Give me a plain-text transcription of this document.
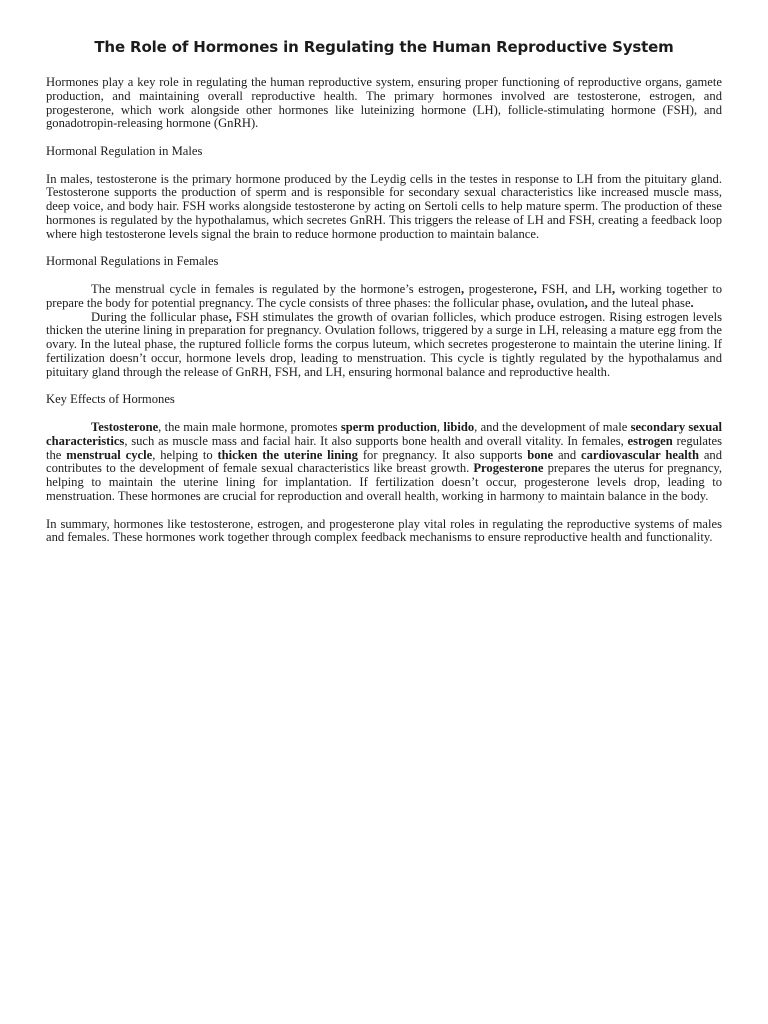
The Role of Hormones in Regulating the Human Reproductive System

Hormones play a key role in regulating the human reproductive system, ensuring proper functioning of reproductive organs, gamete production, and maintaining overall reproductive health. The primary hormones involved are testosterone, estrogen, and progesterone, which work alongside other hormones like luteinizing hormone (LH), follicle-stimulating hormone (FSH), and gonadotropin-releasing hormone (GnRH).

Hormonal Regulation in Males

In males, testosterone is the primary hormone produced by the Leydig cells in the testes in response to LH from the pituitary gland. Testosterone supports the production of sperm and is responsible for secondary sexual characteristics like increased muscle mass, deep voice, and body hair. FSH works alongside testosterone by acting on Sertoli cells to help mature sperm. The production of these hormones is regulated by the hypothalamus, which secretes GnRH. This triggers the release of LH and FSH, creating a feedback loop where high testosterone levels signal the brain to reduce hormone production to maintain balance.

Hormonal Regulations in Females

The menstrual cycle in females is regulated by the hormone’s estrogen, progesterone, FSH, and LH, working together to prepare the body for potential pregnancy. The cycle consists of three phases: the follicular phase, ovulation, and the luteal phase.

During the follicular phase, FSH stimulates the growth of ovarian follicles, which produce estrogen. Rising estrogen levels thicken the uterine lining in preparation for pregnancy. Ovulation follows, triggered by a surge in LH, releasing a mature egg from the ovary. In the luteal phase, the ruptured follicle forms the corpus luteum, which secretes progesterone to maintain the uterine lining. If fertilization doesn’t occur, hormone levels drop, leading to menstruation. This cycle is tightly regulated by the hypothalamus and pituitary gland through the release of GnRH, FSH, and LH, ensuring hormonal balance and reproductive health.

Key Effects of Hormones

Testosterone, the main male hormone, promotes sperm production, libido, and the development of male secondary sexual characteristics, such as muscle mass and facial hair. It also supports bone health and overall vitality. In females, estrogen regulates the menstrual cycle, helping to thicken the uterine lining for pregnancy. It also supports bone and cardiovascular health and contributes to the development of female sexual characteristics like breast growth. Progesterone prepares the uterus for pregnancy, helping to maintain the uterine lining for implantation. If fertilization doesn’t occur, progesterone levels drop, leading to menstruation. These hormones are crucial for reproduction and overall health, working in harmony to maintain balance in the body.

In summary, hormones like testosterone, estrogen, and progesterone play vital roles in regulating the reproductive systems of males and females. These hormones work together through complex feedback mechanisms to ensure reproductive health and functionality.
